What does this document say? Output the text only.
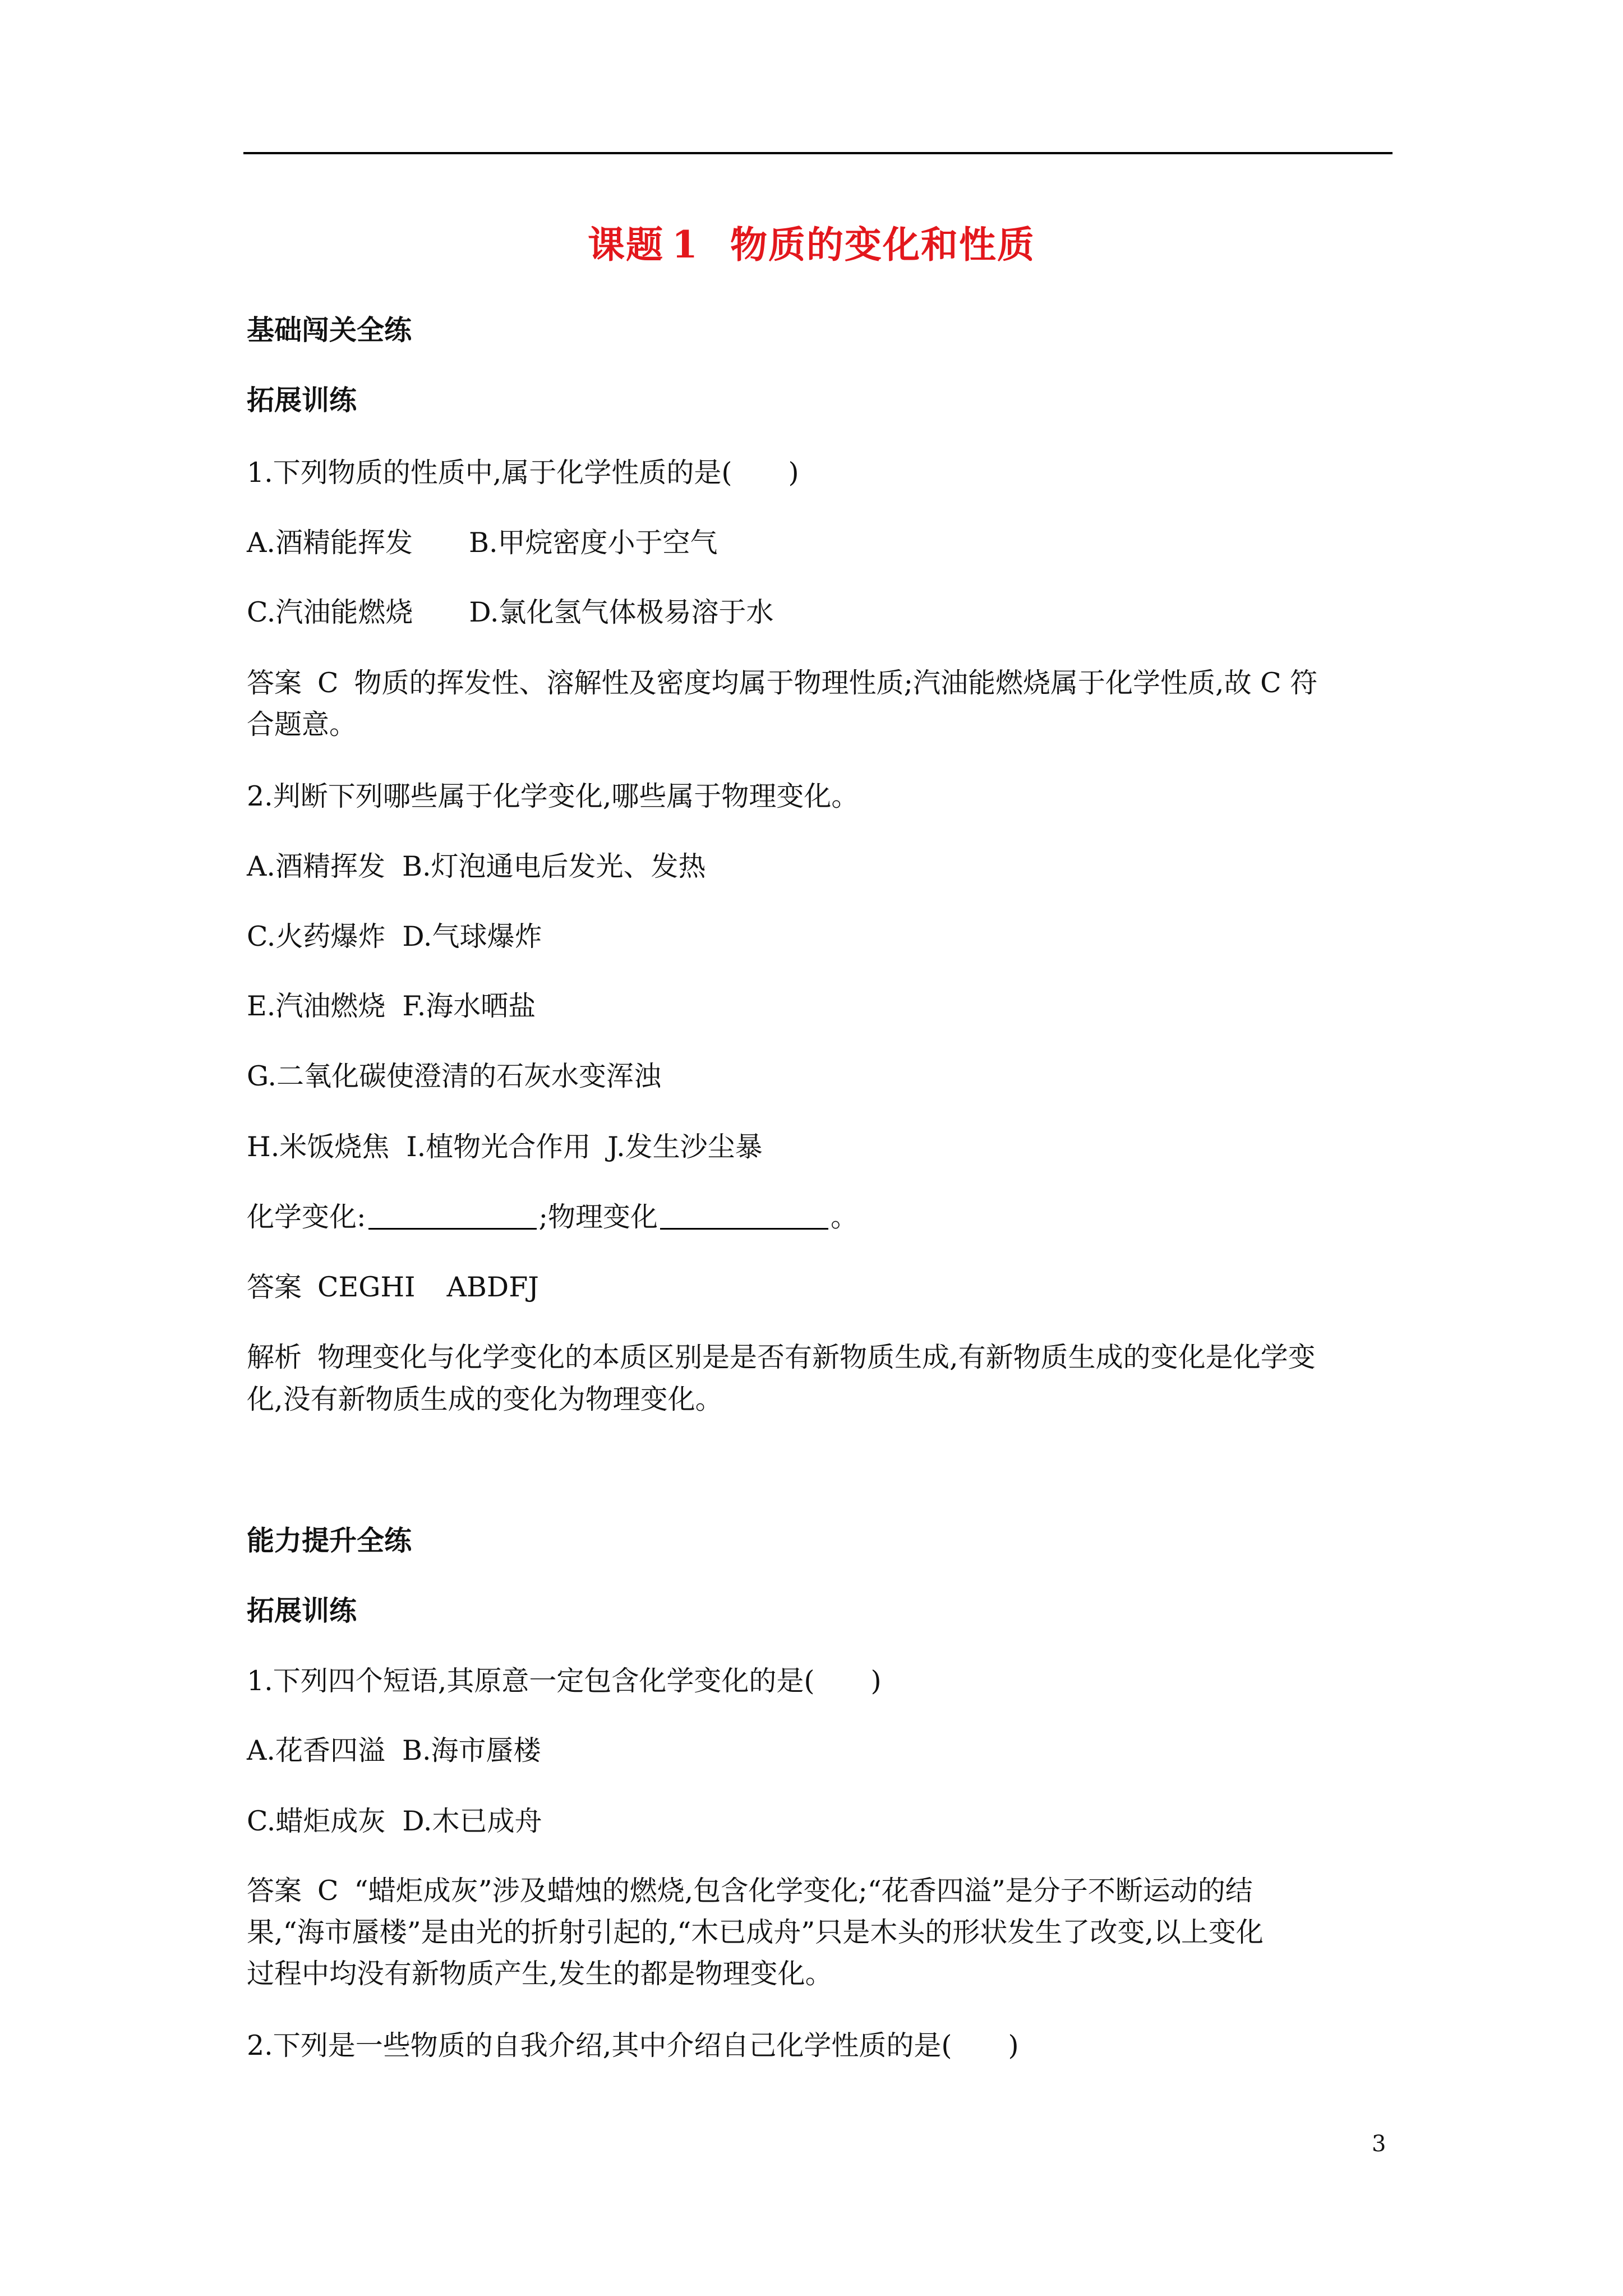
课题 1 物质的变化和性质
基础闯关全练
拓展训练
1.下列物质的性质中,属于化学性质的是( )
A.酒精能挥发 B.甲烷密度小于空气
C.汽油能燃烧 D.氯化氢气体极易溶于水
答案 C 物质的挥发性、溶解性及密度均属于物理性质;汽油能燃烧属于化学性质,故 C 符
合题意。
2.判断下列哪些属于化学变化,哪些属于物理变化。
A.酒精挥发 B.灯泡通电后发光、发热
C.火药爆炸 D.气球爆炸
E.汽油燃烧 F.海水晒盐
G.二氧化碳使澄清的石灰水变浑浊
H.米饭烧焦 I.植物光合作用 J.发生沙尘暴
化学变化:	;物理变化	。
答案 CEGHI ABDFJ
解析 物理变化与化学变化的本质区别是是否有新物质生成,有新物质生成的变化是化学变
化,没有新物质生成的变化为物理变化。
能力提升全练
拓展训练
1.下列四个短语,其原意一定包含化学变化的是( )
A.花香四溢 B.海市蜃楼
C.蜡炬成灰 D.木已成舟
答案 C “蜡炬成灰”涉及蜡烛的燃烧,包含化学变化;“花香四溢”是分子不断运动的结
果,“海市蜃楼”是由光的折射引起的,“木已成舟”只是木头的形状发生了改变,以上变化
过程中均没有新物质产生,发生的都是物理变化。
2.下列是一些物质的自我介绍,其中介绍自己化学性质的是( )
3
